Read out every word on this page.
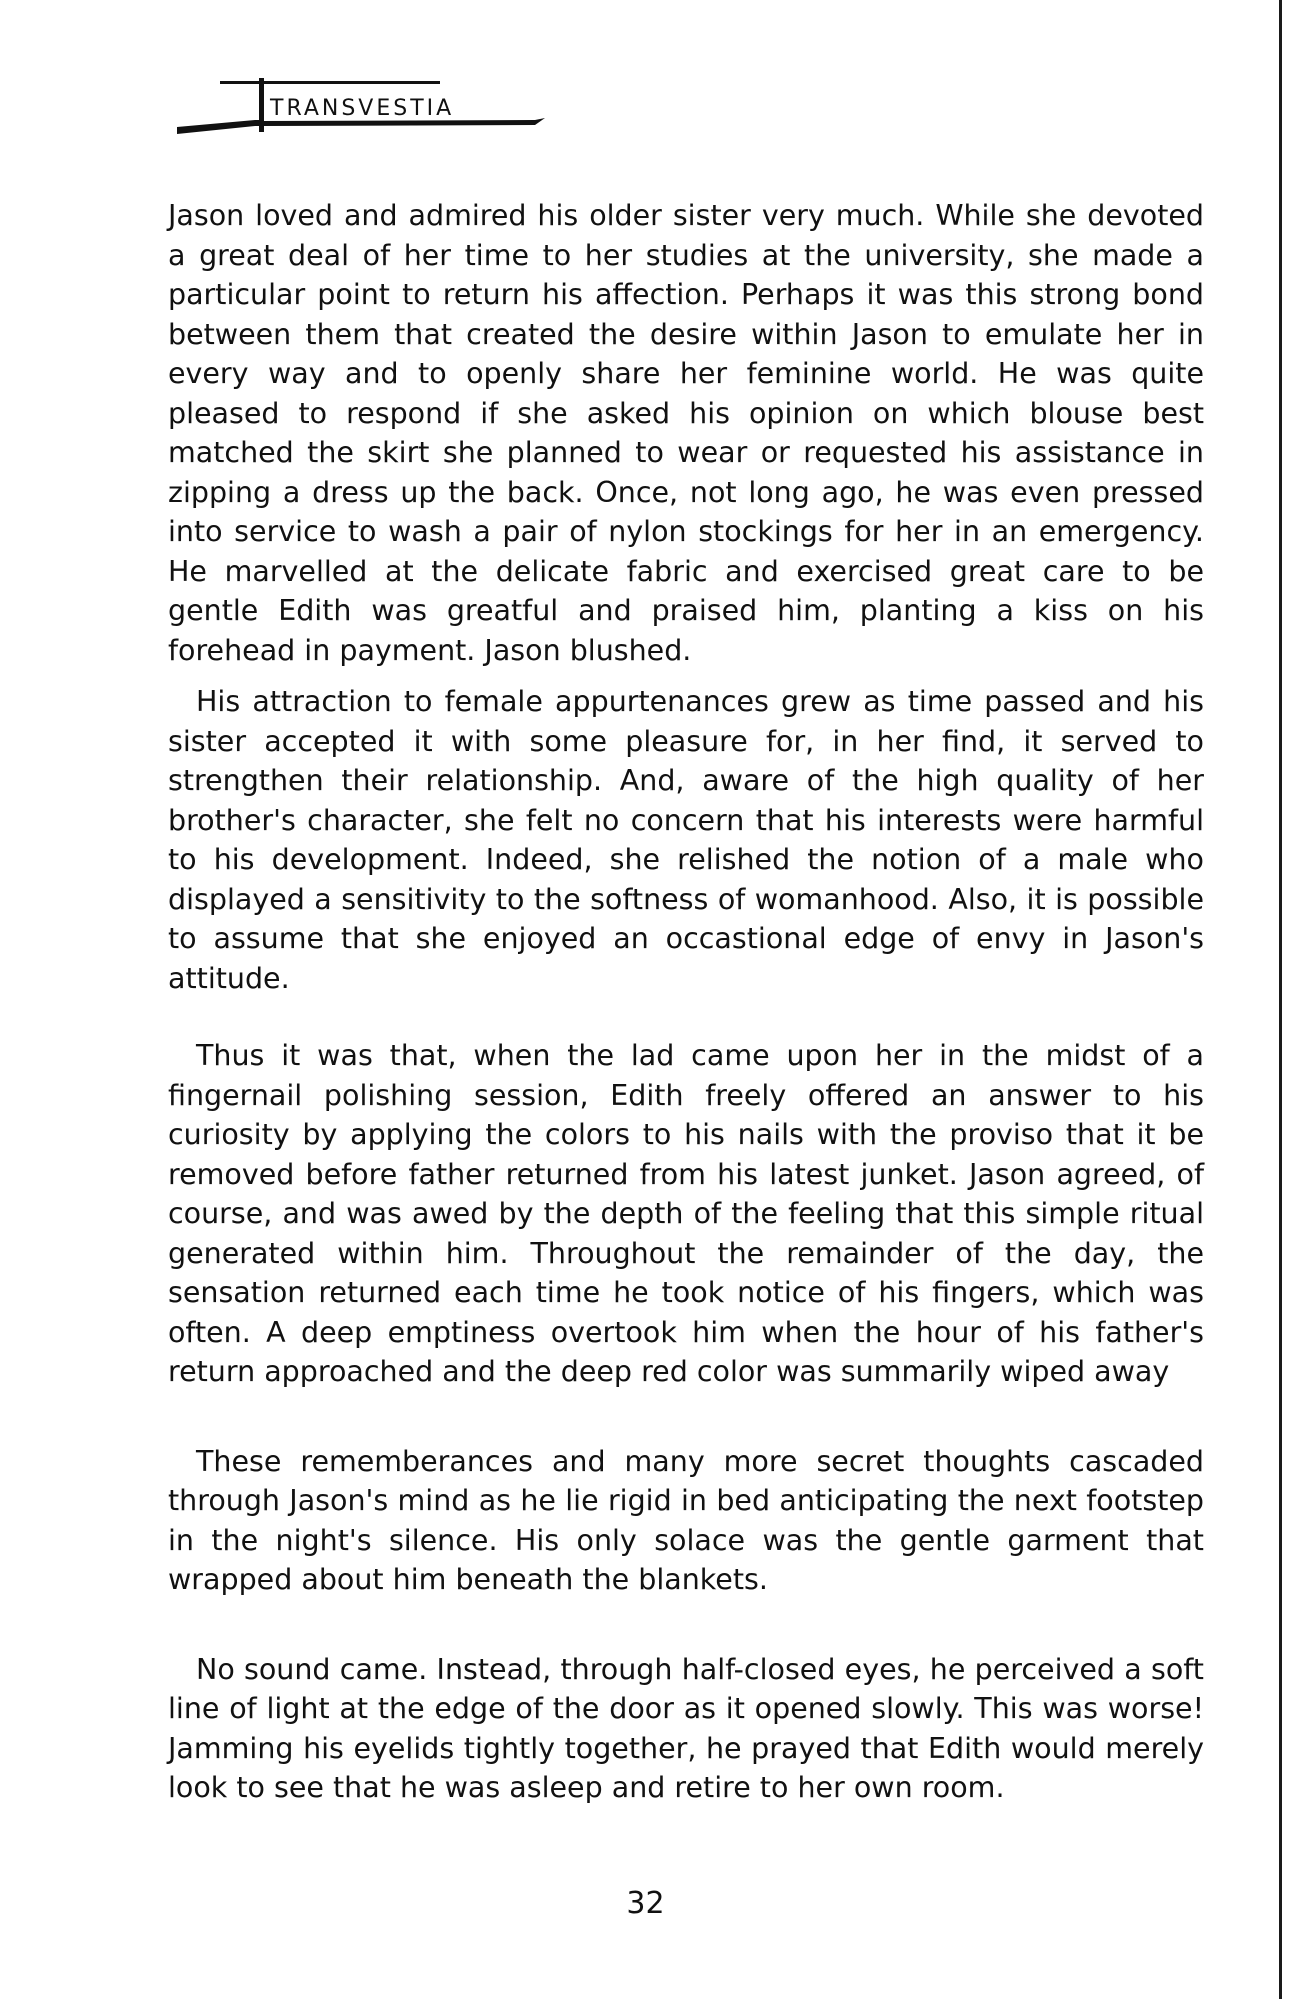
TRANSVESTIA

Jason loved and admired his older sister very much. While she devoted a great deal of her time to her studies at the university, she made a particular point to return his affection. Perhaps it was this strong bond between them that created the desire within Jason to emulate her in every way and to openly share her feminine world. He was quite pleased to respond if she asked his opinion on which blouse best matched the skirt she planned to wear or requested his assistance in zipping a dress up the back. Once, not long ago, he was even pressed into service to wash a pair of nylon stockings for her in an emergency. He marvelled at the delicate fabric and exercised great care to be gentle Edith was greatful and praised him, planting a kiss on his forehead in payment. Jason blushed.

His attraction to female appurtenances grew as time passed and his sister accepted it with some pleasure for, in her find, it served to strengthen their relationship. And, aware of the high quality of her brother's character, she felt no concern that his interests were harmful to his development. Indeed, she relished the notion of a male who displayed a sensitivity to the softness of womanhood. Also, it is possible to assume that she enjoyed an occastional edge of envy in Jason's attitude.

Thus it was that, when the lad came upon her in the midst of a fingernail polishing session, Edith freely offered an answer to his curiosity by applying the colors to his nails with the proviso that it be removed before father returned from his latest junket. Jason agreed, of course, and was awed by the depth of the feeling that this simple ritual generated within him. Throughout the remainder of the day, the sensation returned each time he took notice of his fingers, which was often. A deep emptiness overtook him when the hour of his father's return approached and the deep red color was summarily wiped away

These rememberances and many more secret thoughts cascaded through Jason's mind as he lie rigid in bed anticipating the next footstep in the night's silence. His only solace was the gentle garment that wrapped about him beneath the blankets.

No sound came. Instead, through half-closed eyes, he perceived a soft line of light at the edge of the door as it opened slowly. This was worse! Jamming his eyelids tightly together, he prayed that Edith would merely look to see that he was asleep and retire to her own room.

32
